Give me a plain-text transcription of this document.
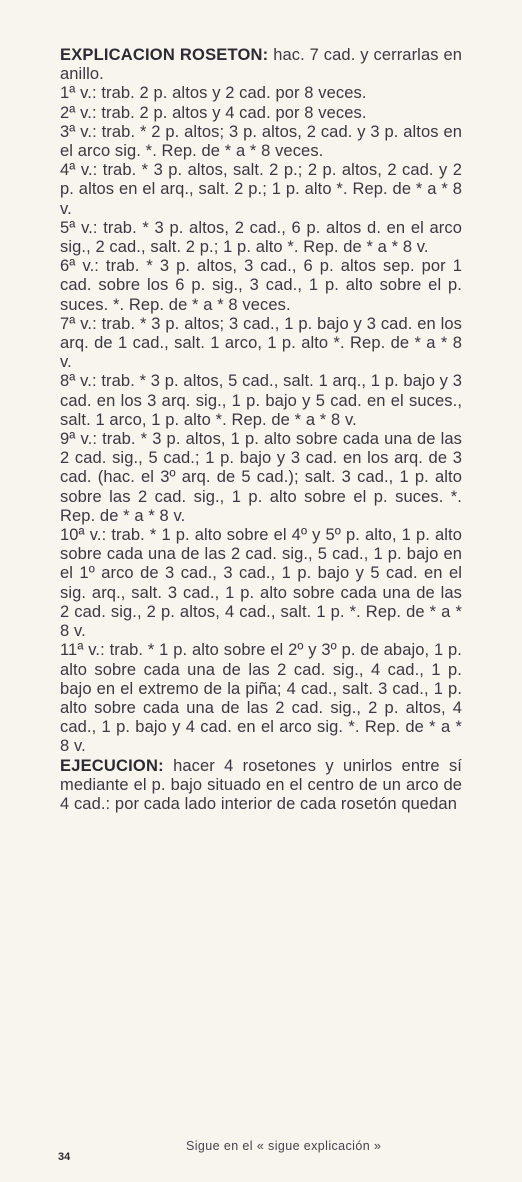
EXPLICACION ROSETON: hac. 7 cad. y cerrarlas en anillo.

1ª v.: trab. 2 p. altos y 2 cad. por 8 veces.

2ª v.: trab. 2 p. altos y 4 cad. por 8 veces.

3ª v.: trab. * 2 p. altos; 3 p. altos, 2 cad. y 3 p. altos en el arco sig. *. Rep. de * a * 8 veces.

4ª v.: trab. * 3 p. altos, salt. 2 p.; 2 p. altos, 2 cad. y 2 p. altos en el arq., salt. 2 p.; 1 p. alto *. Rep. de * a * 8 v.

5ª v.: trab. * 3 p. altos, 2 cad., 6 p. altos d. en el arco sig., 2 cad., salt. 2 p.; 1 p. alto *. Rep. de * a * 8 v.

6ª v.: trab. * 3 p. altos, 3 cad., 6 p. altos sep. por 1 cad. sobre los 6 p. sig., 3 cad., 1 p. alto sobre el p. suces. *. Rep. de * a * 8 veces.

7ª v.: trab. * 3 p. altos; 3 cad., 1 p. bajo y 3 cad. en los arq. de 1 cad., salt. 1 arco, 1 p. alto *. Rep. de * a * 8 v.

8ª v.: trab. * 3 p. altos, 5 cad., salt. 1 arq., 1 p. bajo y 3 cad. en los 3 arq. sig., 1 p. bajo y 5 cad. en el suces., salt. 1 arco, 1 p. alto *. Rep. de * a * 8 v.

9ª v.: trab. * 3 p. altos, 1 p. alto sobre cada una de las 2 cad. sig., 5 cad.; 1 p. bajo y 3 cad. en los arq. de 3 cad. (hac. el 3º arq. de 5 cad.); salt. 3 cad., 1 p. alto sobre las 2 cad. sig., 1 p. alto sobre el p. suces. *. Rep. de * a * 8 v.

10ª v.: trab. * 1 p. alto sobre el 4º y 5º p. alto, 1 p. alto sobre cada una de las 2 cad. sig., 5 cad., 1 p. bajo en el 1º arco de 3 cad., 3 cad., 1 p. bajo y 5 cad. en el sig. arq., salt. 3 cad., 1 p. alto sobre cada una de las 2 cad. sig., 2 p. altos, 4 cad., salt. 1 p. *. Rep. de * a * 8 v.

11ª v.: trab. * 1 p. alto sobre el 2º y 3º p. de abajo, 1 p. alto sobre cada una de las 2 cad. sig., 4 cad., 1 p. bajo en el extremo de la piña; 4 cad., salt. 3 cad., 1 p. alto sobre cada una de las 2 cad. sig., 2 p. altos, 4 cad., 1 p. bajo y 4 cad. en el arco sig. *. Rep. de * a * 8 v.

EJECUCION: hacer 4 rosetones y unirlos entre sí mediante el p. bajo situado en el centro de un arco de 4 cad.: por cada lado interior de cada rosetón quedan

Sigue en el « sigue explicación »
34
